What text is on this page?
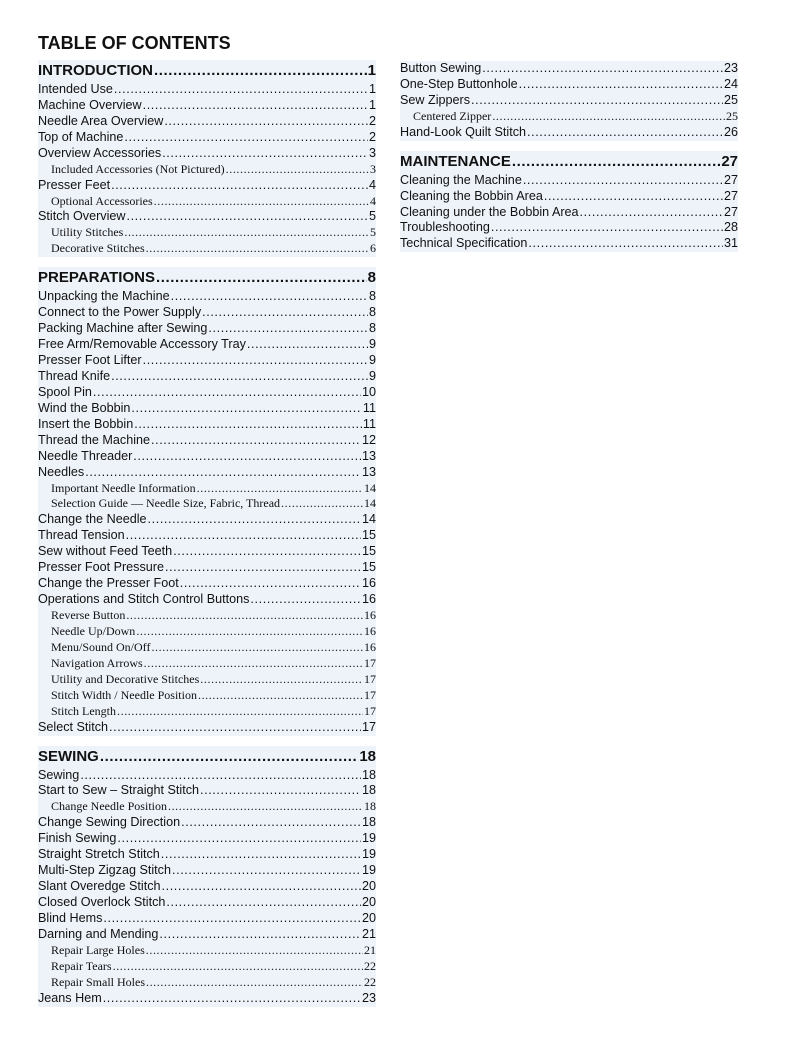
TABLE OF CONTENTS
INTRODUCTION .....	1
Intended Use .....	1
Machine Overview .....	1
Needle Area Overview .....	2
Top of Machine .....	2
Overview Accessories .....	3
Included Accessories (Not Pictured) .....	3
Presser Feet .....	4
Optional Accessories .....	4
Stitch Overview .....	5
Utility Stitches .....	5
Decorative Stitches .....	6
PREPARATIONS .....	8
Unpacking the Machine .....	8
Connect to the Power Supply .....	8
Packing Machine after Sewing .....	8
Free Arm/Removable Accessory Tray .....	9
Presser Foot Lifter .....	9
Thread Knife .....	9
Spool Pin .....	10
Wind the Bobbin .....	11
Insert the Bobbin .....	11
Thread the Machine .....	12
Needle Threader .....	13
Needles .....	13
Important Needle Information .....	14
Selection Guide — Needle Size, Fabric, Thread .....	14
Change the Needle .....	14
Thread Tension .....	15
Sew without Feed Teeth .....	15
Presser Foot Pressure .....	15
Change the Presser Foot .....	16
Operations and Stitch Control Buttons .....	16
Reverse Button .....	16
Needle Up/Down .....	16
Menu/Sound On/Off .....	16
Navigation Arrows .....	17
Utility and Decorative Stitches .....	17
Stitch Width / Needle Position .....	17
Stitch Length .....	17
Select Stitch .....	17
SEWING .....	18
Sewing .....	18
Start to Sew – Straight Stitch .....	18
Change Needle Position .....	18
Change Sewing Direction .....	18
Finish Sewing .....	19
Straight Stretch Stitch .....	19
Multi-Step Zigzag Stitch .....	19
Slant Overedge Stitch .....	20
Closed Overlock Stitch .....	20
Blind Hems .....	20
Darning and Mending .....	21
Repair Large Holes .....	21
Repair Tears .....	22
Repair Small Holes .....	22
Jeans Hem .....	23
Button Sewing .....	23
One-Step Buttonhole .....	24
Sew Zippers .....	25
Centered Zipper .....	25
Hand-Look Quilt Stitch .....	26
MAINTENANCE .....	27
Cleaning the Machine .....	27
Cleaning the Bobbin Area .....	27
Cleaning under the Bobbin Area .....	27
Troubleshooting .....	28
Technical Specification .....	31
